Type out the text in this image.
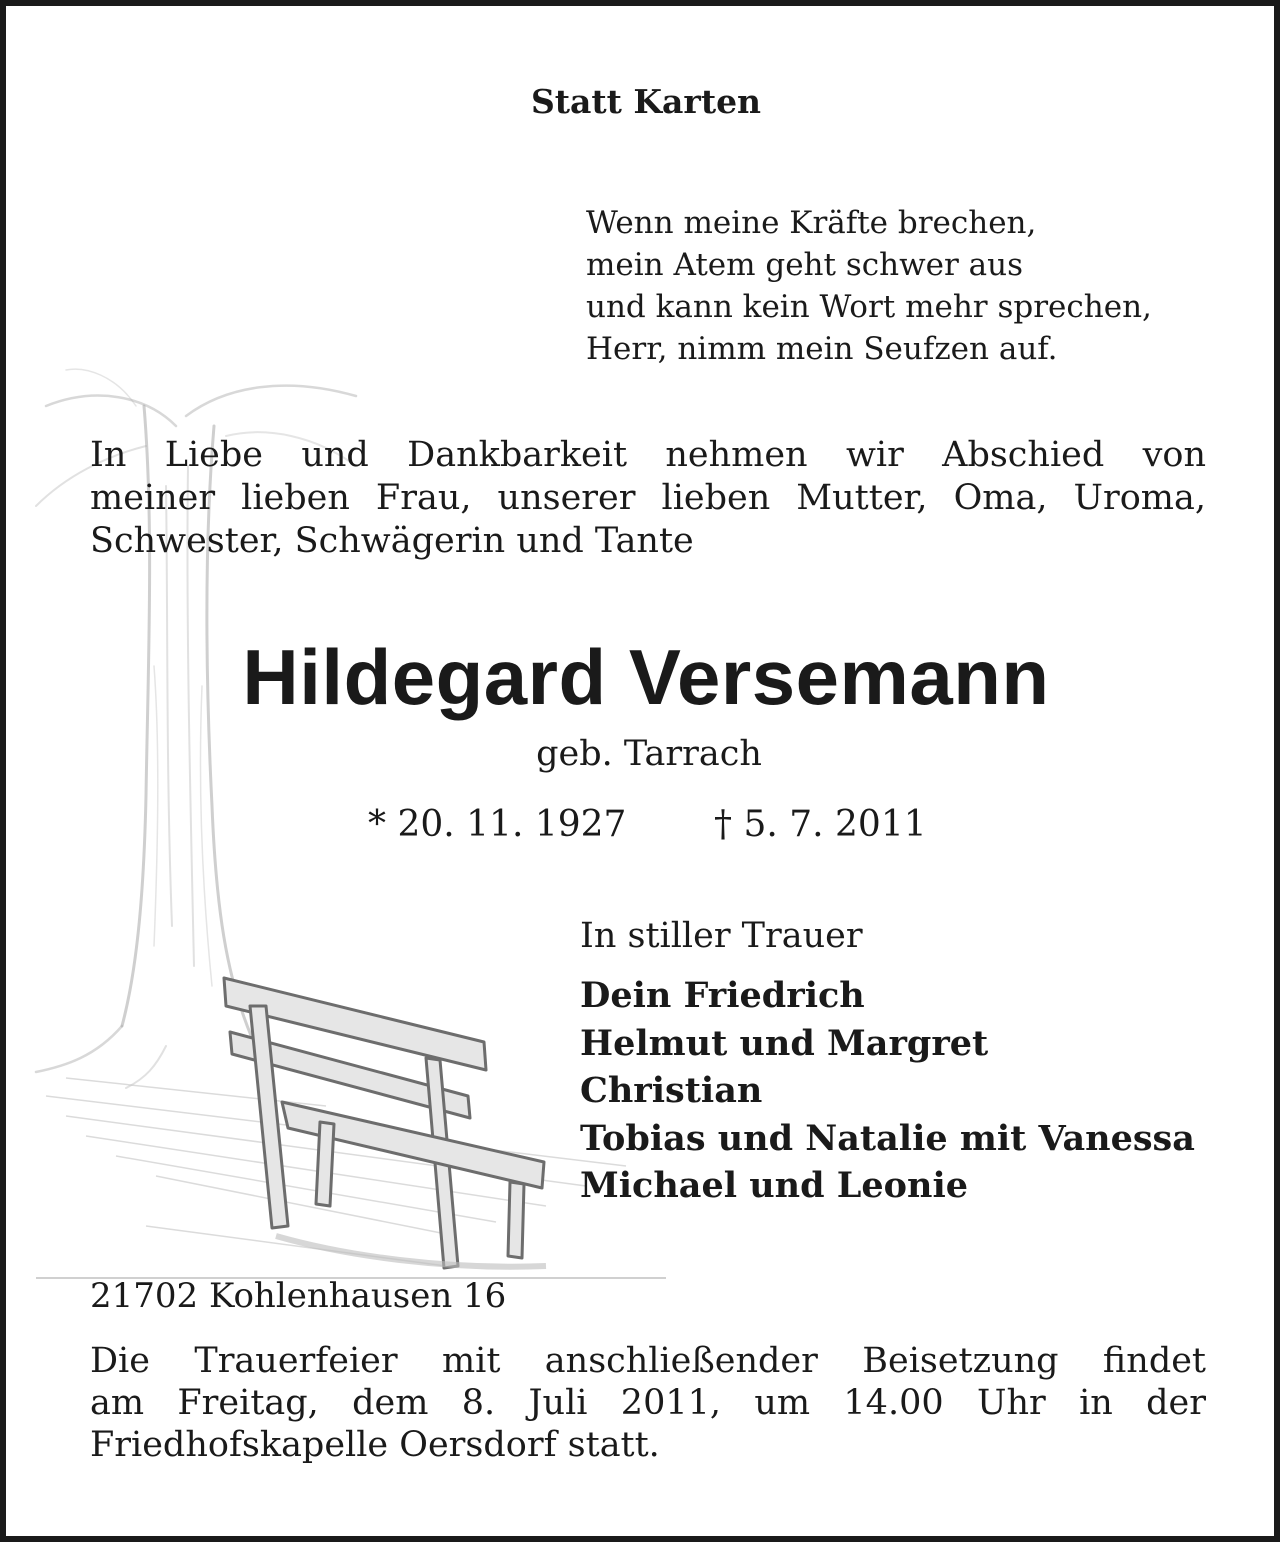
Statt Karten
Wenn meine Kräfte brechen,
mein Atem geht schwer aus
und kann kein Wort mehr sprechen,
Herr, nimm mein Seufzen auf.
In Liebe und Dankbarkeit nehmen wir Abschied von
meiner lieben Frau, unserer lieben Mutter, Oma, Uroma,
Schwester, Schwägerin und Tante
Hildegard Versemann
geb. Tarrach
* 20. 11. 1927 † 5. 7. 2011
In stiller Trauer
Dein Friedrich
Helmut und Margret
Christian
Tobias und Natalie mit Vanessa
Michael und Leonie
21702 Kohlenhausen 16
Die Trauerfeier mit anschließender Beisetzung findet
am Freitag, dem 8. Juli 2011, um 14.00 Uhr in der
Friedhofskapelle Oersdorf statt.
